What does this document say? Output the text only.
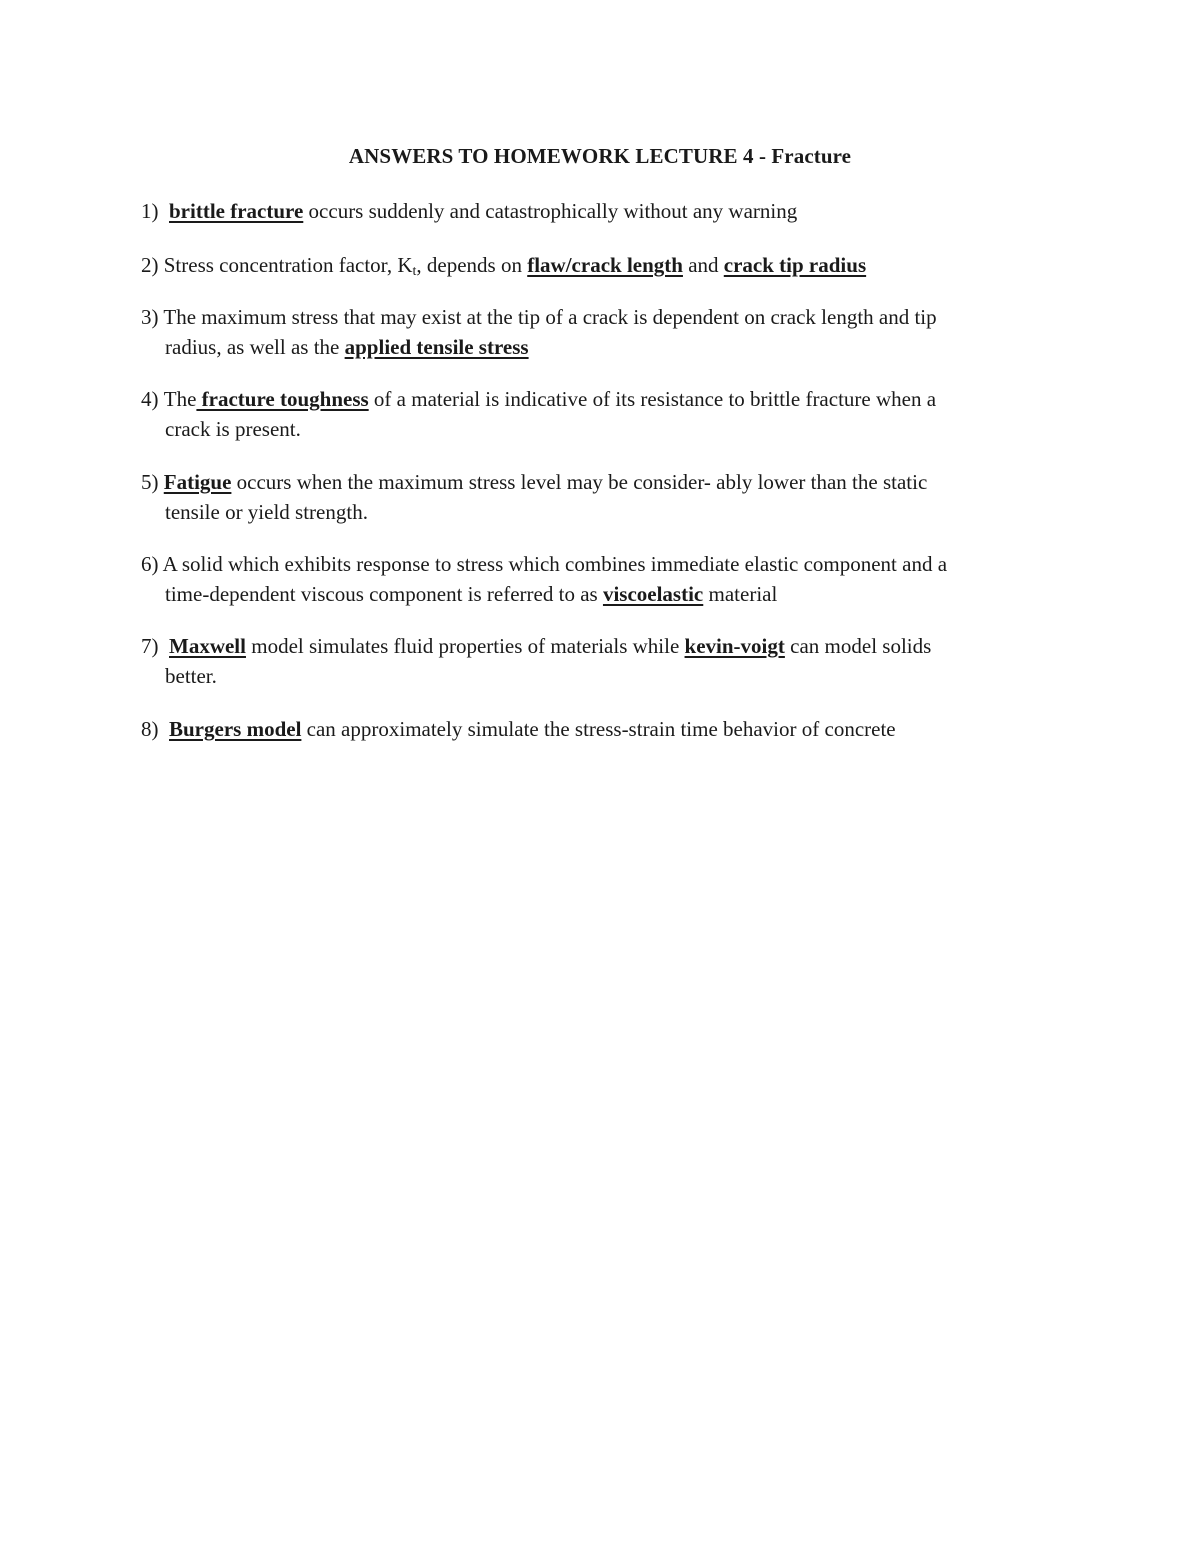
ANSWERS TO HOMEWORK LECTURE 4 - Fracture
1) brittle fracture occurs suddenly and catastrophically without any warning
2) Stress concentration factor, $K_t$, depends on flaw/crack length and crack tip radius
3) The maximum stress that may exist at the tip of a crack is dependent on crack length and tip
radius, as well as the applied tensile stress
4) The fracture toughness of a material is indicative of its resistance to brittle fracture when a
crack is present.
5) Fatigue occurs when the maximum stress level may be consider- ably lower than the static
tensile or yield strength.
6) A solid which exhibits response to stress which combines immediate elastic component and a
time-dependent viscous component is referred to as viscoelastic material
7) Maxwell model simulates fluid properties of materials while kevin-voigt can model solids
better.
8) Burgers model can approximately simulate the stress-strain time behavior of concrete
